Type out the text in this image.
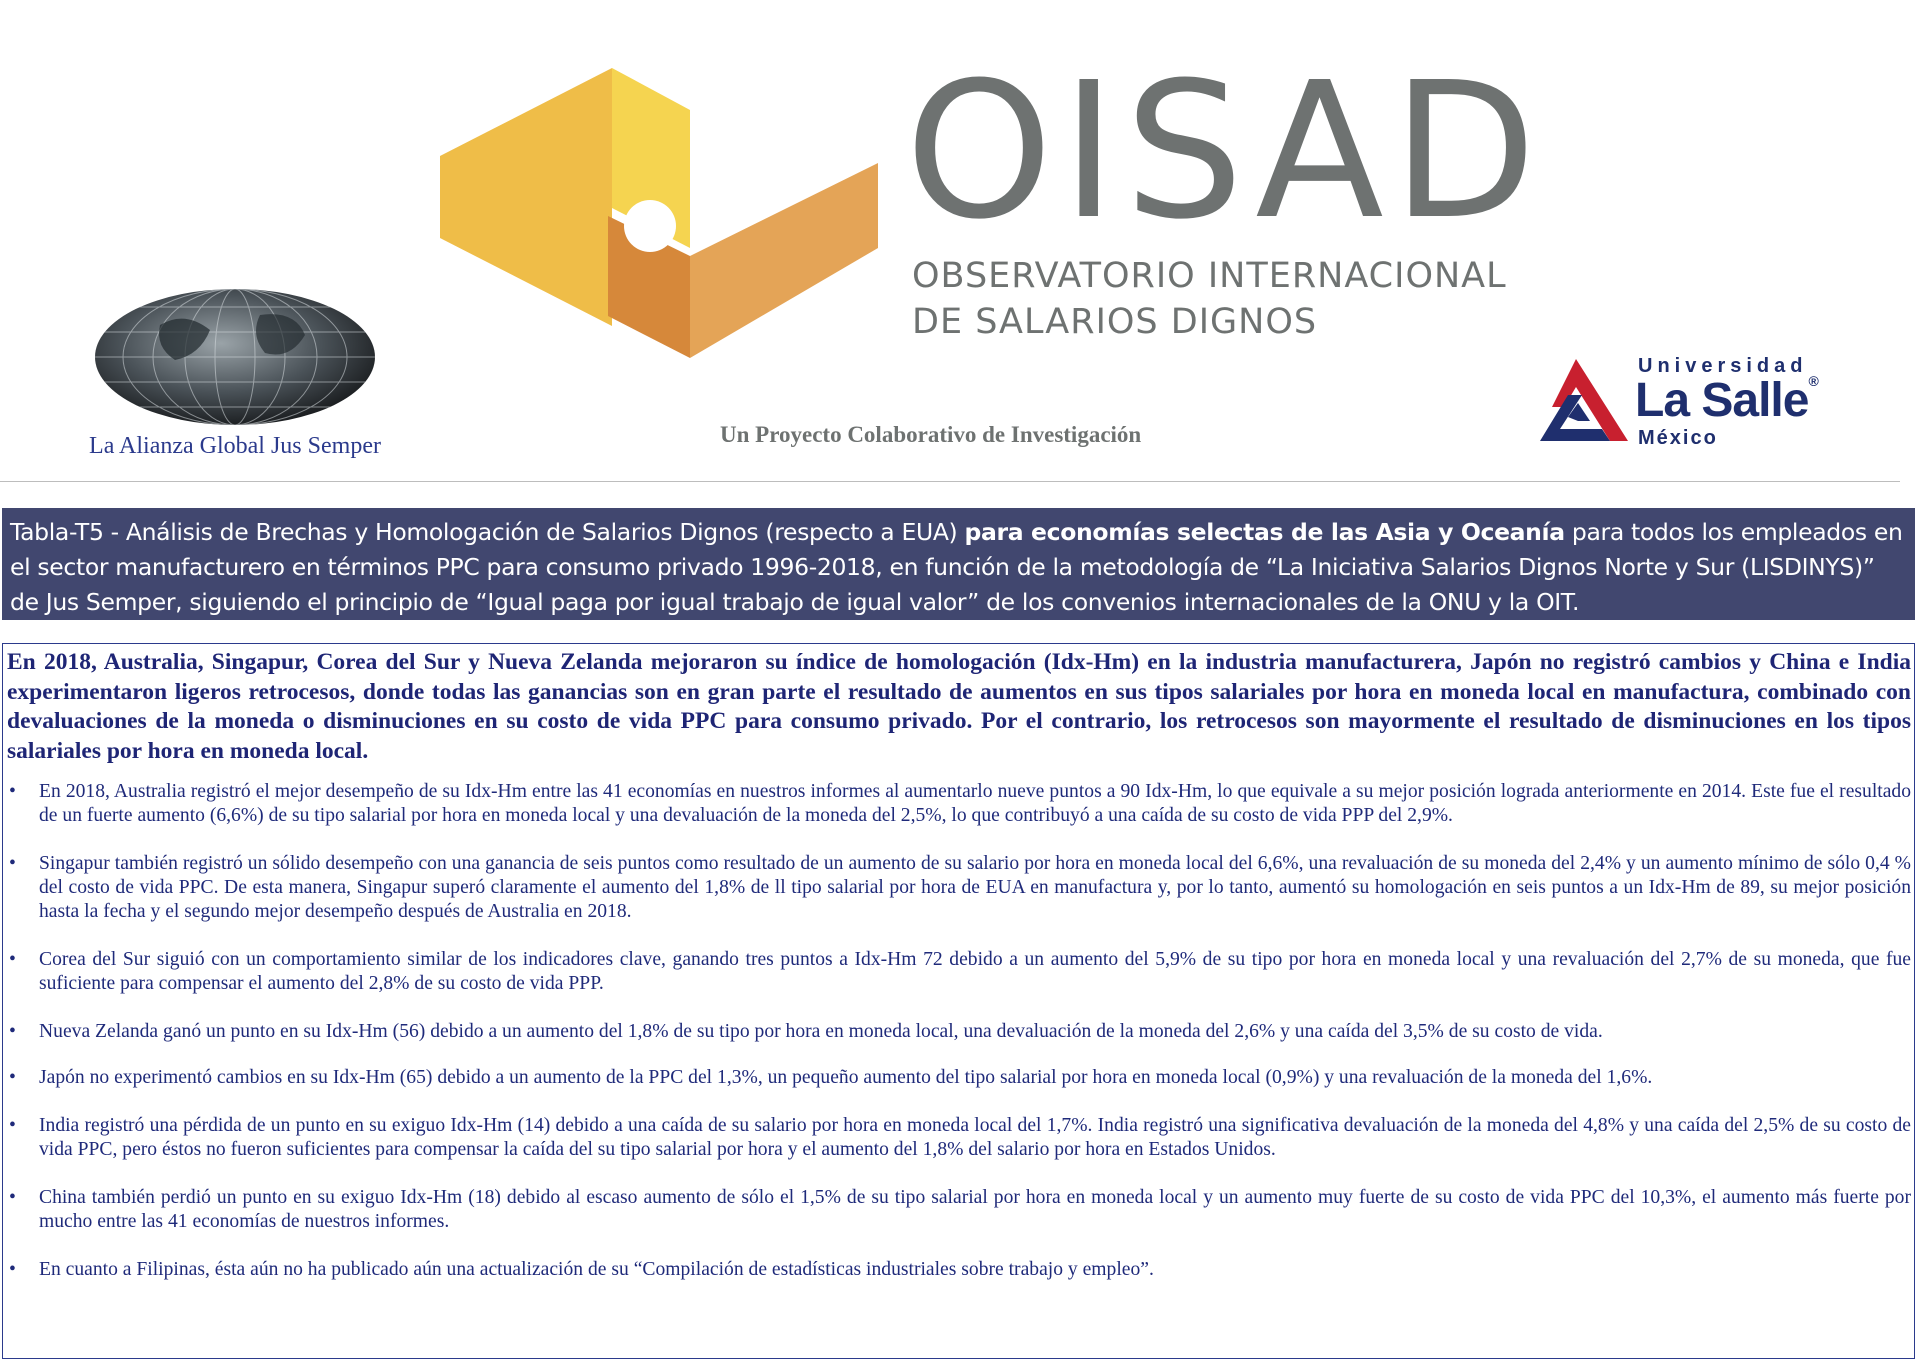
La Alianza Global Jus Semper
OISAD
OBSERVATORIO INTERNACIONAL
DE SALARIOS DIGNOS
Un Proyecto Colaborativo de Investigación
Universidad
La Salle®
México
Tabla-T5 - Análisis de Brechas y Homologación de Salarios Dignos (respecto a EUA) para economías selectas de las Asia y Oceanía para todos los empleados en el sector manufacturero en términos PPC para consumo privado 1996-2018, en función de la metodología de “La Iniciativa Salarios Dignos Norte y Sur (LISDINYS)” de Jus Semper, siguiendo el principio de “Igual paga por igual trabajo de igual valor” de los convenios internacionales de la ONU y la OIT.

En 2018, Australia, Singapur, Corea del Sur y Nueva Zelanda mejoraron su índice de homologación (Idx-Hm) en la industria manufacturera, Japón no registró cambios y China e India experimentaron ligeros retrocesos, donde todas las ganancias son en gran parte el resultado de aumentos en sus tipos salariales por hora en moneda local en manufactura, combinado con devaluaciones de la moneda o disminuciones en su costo de vida PPC para consumo privado. Por el contrario, los retrocesos son mayormente el resultado de disminuciones en los tipos salariales por hora en moneda local.

• En 2018, Australia registró el mejor desempeño de su Idx-Hm entre las 41 economías en nuestros informes al aumentarlo nueve puntos a 90 Idx-Hm, lo que equivale a su mejor posición lograda anteriormente en 2014. Este fue el resultado de un fuerte aumento (6,6%) de su tipo salarial por hora en moneda local y una devaluación de la moneda del 2,5%, lo que contribuyó a una caída de su costo de vida PPP del 2,9%.
• Singapur también registró un sólido desempeño con una ganancia de seis puntos como resultado de un aumento de su salario por hora en moneda local del 6,6%, una revaluación de su moneda del 2,4% y un aumento mínimo de sólo 0,4 % del costo de vida PPC. De esta manera, Singapur superó claramente el aumento del 1,8% de ll tipo salarial por hora de EUA en manufactura y, por lo tanto, aumentó su homologación en seis puntos a un Idx-Hm de 89, su mejor posición hasta la fecha y el segundo mejor desempeño después de Australia en 2018.
• Corea del Sur siguió con un comportamiento similar de los indicadores clave, ganando tres puntos a Idx-Hm 72 debido a un aumento del 5,9% de su tipo por hora en moneda local y una revaluación del 2,7% de su moneda, que fue suficiente para compensar el aumento del 2,8% de su costo de vida PPP.
• Nueva Zelanda ganó un punto en su Idx-Hm (56) debido a un aumento del 1,8% de su tipo por hora en moneda local, una devaluación de la moneda del 2,6% y una caída del 3,5% de su costo de vida.
• Japón no experimentó cambios en su Idx-Hm (65) debido a un aumento de la PPC del 1,3%, un pequeño aumento del tipo salarial por hora en moneda local (0,9%) y una revaluación de la moneda del 1,6%.
• India registró una pérdida de un punto en su exiguo Idx-Hm (14) debido a una caída de su salario por hora en moneda local del 1,7%. India registró una significativa devaluación de la moneda del 4,8% y una caída del 2,5% de su costo de vida PPC, pero éstos no fueron suficientes para compensar la caída del su tipo salarial por hora y el aumento del 1,8% del salario por hora en Estados Unidos.
• China también perdió un punto en su exiguo Idx-Hm (18) debido al escaso aumento de sólo el 1,5% de su tipo salarial por hora en moneda local y un aumento muy fuerte de su costo de vida PPC del 10,3%, el aumento más fuerte por mucho entre las 41 economías de nuestros informes.
• En cuanto a Filipinas, ésta aún no ha publicado aún una actualización de su “Compilación de estadísticas industriales sobre trabajo y empleo”.
